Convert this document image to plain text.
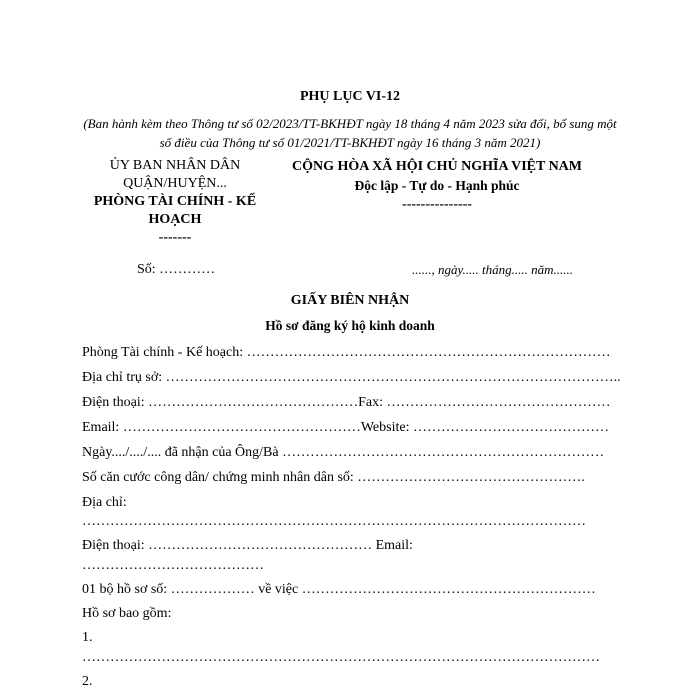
PHỤ LỤC VI-12
(Ban hành kèm theo Thông tư số 02/2023/TT-BKHĐT ngày 18 tháng 4 năm 2023 sửa đổi, bổ sung một số điều của Thông tư số 01/2021/TT-BKHĐT ngày 16 tháng 3 năm 2021)
ỦY BAN NHÂN DÂN
QUẬN/HUYỆN...
PHÒNG TÀI CHÍNH - KẾ
HOẠCH
-------
CỘNG HÒA XÃ HỘI CHỦ NGHĨA VIỆT NAM
Độc lập - Tự do - Hạnh phúc
---------------
Số: …………	......, ngày..... tháng..... năm......
GIẤY BIÊN NHẬN
Hồ sơ đăng ký hộ kinh doanh
Phòng Tài chính - Kế hoạch: ……………………………………………………………………
Địa chỉ trụ sở: ……………………………………………………………………………………..
Điện thoại: ………………………………………Fax: …………………………………………
Email: ……………………………………………Website: ……………………………………
Ngày..../..../.... đã nhận của Ông/Bà ……………………………………………………………
Số căn cước công dân/ chứng minh nhân dân số: ………………………………………….
Địa chỉ:
………………………………………………………………………………………………
Điện thoại: ………………………………………… Email:
…………………………………
01 bộ hồ sơ số: ……………… về việc ………………………………………………………
Hồ sơ bao gồm:
1.
…………………………………………………………………………………………………
2.
